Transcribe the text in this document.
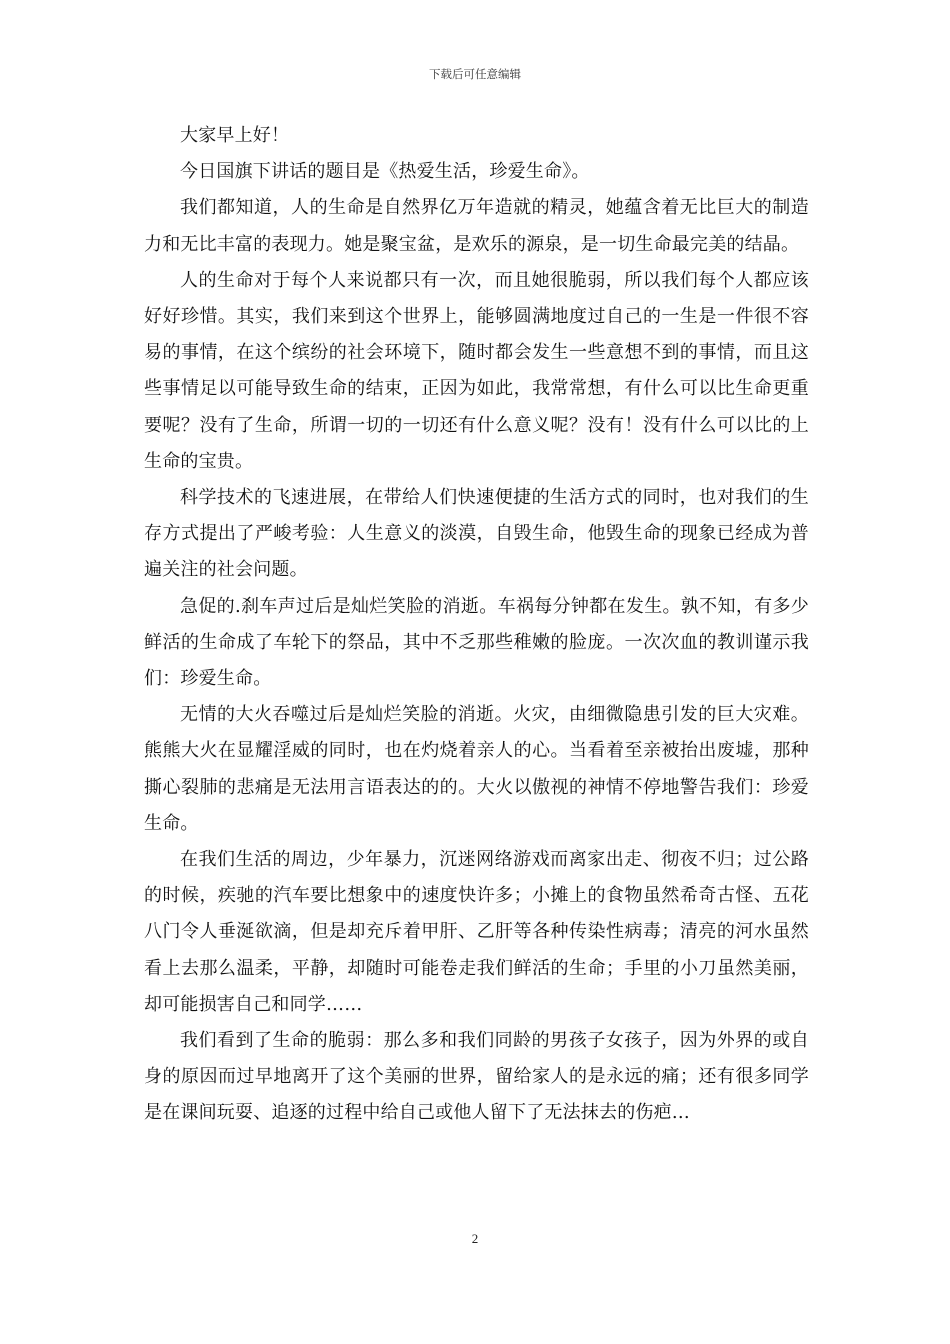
下载后可任意编辑

大家早上好！

今日国旗下讲话的题目是《热爱生活，珍爱生命》。

我们都知道，人的生命是自然界亿万年造就的精灵，她蕴含着无比巨大的制造力和无比丰富的表现力。她是聚宝盆，是欢乐的源泉，是一切生命最完美的结晶。

人的生命对于每个人来说都只有一次，而且她很脆弱，所以我们每个人都应该好好珍惜。其实，我们来到这个世界上，能够圆满地度过自己的一生是一件很不容易的事情，在这个缤纷的社会环境下，随时都会发生一些意想不到的事情，而且这些事情足以可能导致生命的结束，正因为如此，我常常想，有什么可以比生命更重要呢？没有了生命，所谓一切的一切还有什么意义呢？没有！没有什么可以比的上生命的宝贵。

科学技术的飞速进展，在带给人们快速便捷的生活方式的同时，也对我们的生存方式提出了严峻考验：人生意义的淡漠，自毁生命，他毁生命的现象已经成为普遍关注的社会问题。

急促的.刹车声过后是灿烂笑脸的消逝。车祸每分钟都在发生。孰不知，有多少鲜活的生命成了车轮下的祭品，其中不乏那些稚嫩的脸庞。一次次血的教训谨示我们：珍爱生命。

无情的大火吞噬过后是灿烂笑脸的消逝。火灾，由细微隐患引发的巨大灾难。熊熊大火在显耀淫威的同时，也在灼烧着亲人的心。当看着至亲被抬出废墟，那种撕心裂肺的悲痛是无法用言语表达的的。大火以傲视的神情不停地警告我们：珍爱生命。

在我们生活的周边，少年暴力，沉迷网络游戏而离家出走、彻夜不归；过公路的时候，疾驰的汽车要比想象中的速度快许多；小摊上的食物虽然希奇古怪、五花八门令人垂涎欲滴，但是却充斥着甲肝、乙肝等各种传染性病毒；清亮的河水虽然看上去那么温柔，平静，却随时可能卷走我们鲜活的生命；手里的小刀虽然美丽，却可能损害自己和同学……

我们看到了生命的脆弱：那么多和我们同龄的男孩子女孩子，因为外界的或自身的原因而过早地离开了这个美丽的世界，留给家人的是永远的痛；还有很多同学是在课间玩耍、追逐的过程中给自己或他人留下了无法抹去的伤疤…

2
